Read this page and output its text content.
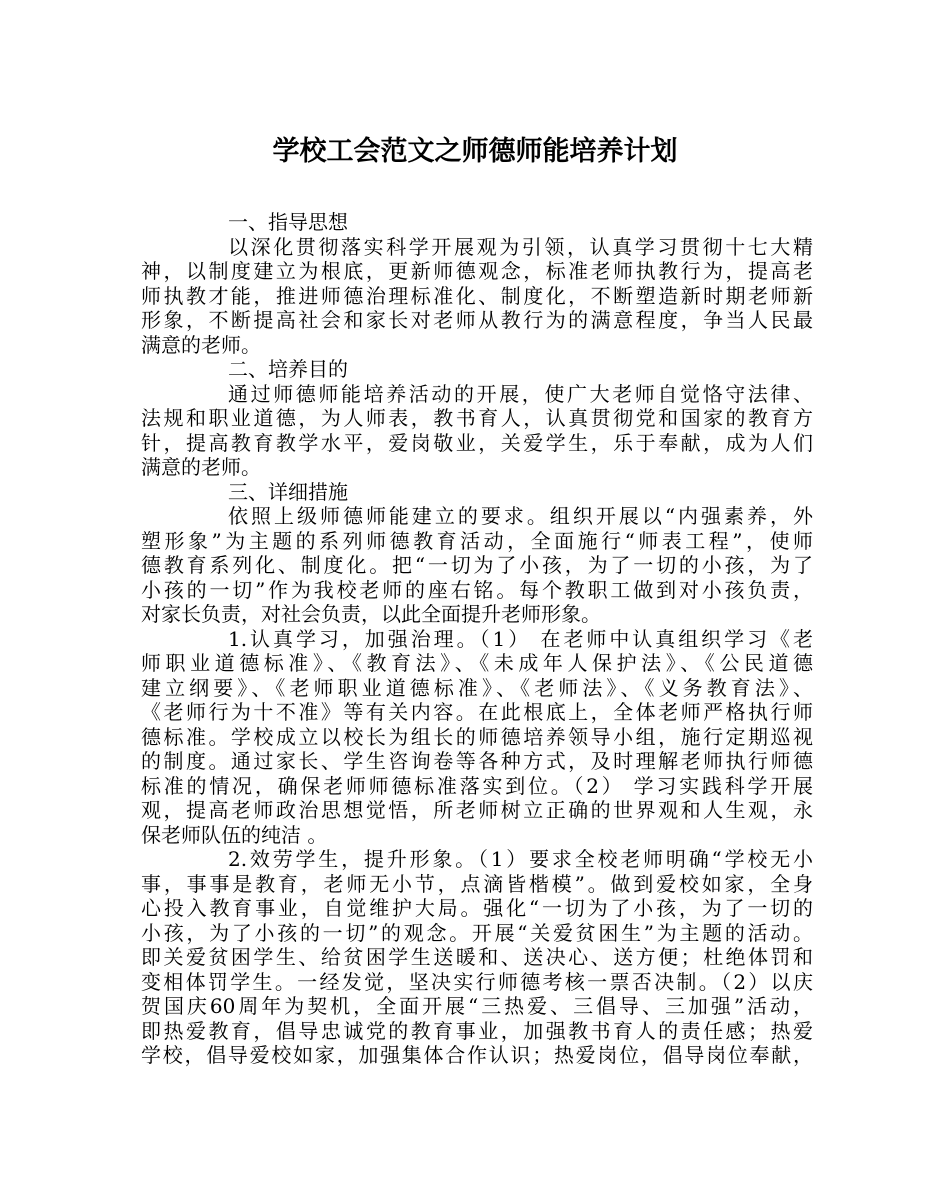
学校工会范文之师德师能培养计划
一、指导思想
以深化贯彻落实科学开展观为引领，认真学习贯彻十七大精
神，以制度建立为根底，更新师德观念，标准老师执教行为，提高老
师执教才能，推进师德治理标准化、制度化，不断塑造新时期老师新
形象，不断提高社会和家长对老师从教行为的满意程度，争当人民最
满意的老师。
二、培养目的
通过师德师能培养活动的开展，使广大老师自觉恪守法律、
法规和职业道德，为人师表，教书育人，认真贯彻党和国家的教育方
针，提高教育教学水平，爱岗敬业，关爱学生，乐于奉献，成为人们
满意的老师。
三、详细措施
依照上级师德师能建立的要求。组织开展以“内强素养，外
塑形象”为主题的系列师德教育活动，全面施行“师表工程”，使师
德教育系列化、制度化。把“一切为了小孩，为了一切的小孩，为了
小孩的一切”作为我校老师的座右铭。每个教职工做到对小孩负责，
对家长负责，对社会负责，以此全面提升老师形象。
1.认真学习，加强治理。（1） 在老师中认真组织学习《老
师职业道德标准》、《教育法》、《未成年人保护法》、《公民道德
建立纲要》、《老师职业道德标准》、《老师法》、《义务教育法》、
《老师行为十不准》等有关内容。在此根底上，全体老师严格执行师
德标准。学校成立以校长为组长的师德培养领导小组，施行定期巡视
的制度。通过家长、学生咨询卷等各种方式，及时理解老师执行师德
标准的情况，确保老师师德标准落实到位。（2） 学习实践科学开展
观，提高老师政治思想觉悟，所老师树立正确的世界观和人生观，永
保老师队伍的纯洁 。
2.效劳学生，提升形象。（1）要求全校老师明确“学校无小
事，事事是教育，老师无小节，点滴皆楷模”。做到爱校如家，全身
心投入教育事业，自觉维护大局。强化“一切为了小孩，为了一切的
小孩，为了小孩的一切”的观念。开展“关爱贫困生”为主题的活动。
即关爱贫困学生、给贫困学生送暖和、送决心、送方便；杜绝体罚和
变相体罚学生。一经发觉，坚决实行师德考核一票否决制。（2）以庆
贺国庆60周年为契机，全面开展“三热爱、三倡导、三加强”活动，
即热爱教育，倡导忠诚党的教育事业，加强教书育人的责任感；热爱
学校，倡导爱校如家，加强集体合作认识；热爱岗位，倡导岗位奉献，
